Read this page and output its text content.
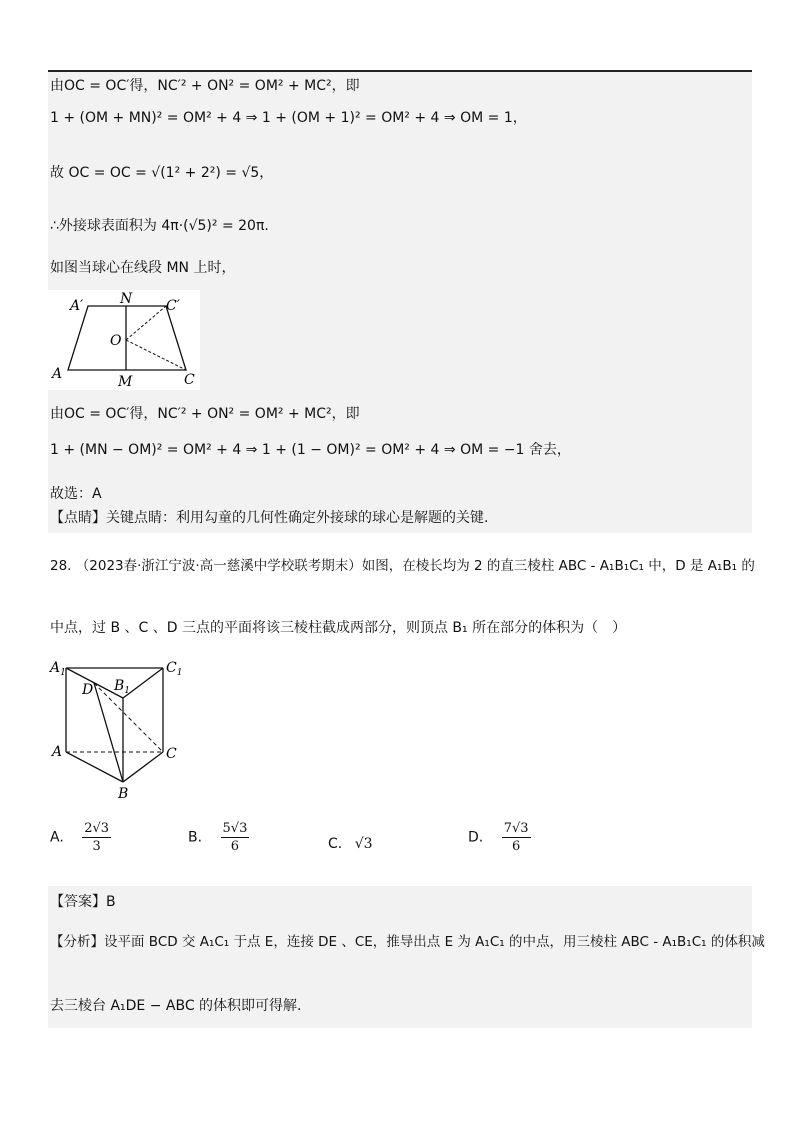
由OC = OC′得，NC′² + ON² = OM² + MC²，即
1 + (OM + MN)² = OM² + 4 ⇒ 1 + (OM + 1)² = OM² + 4 ⇒ OM = 1，
故 OC = OC = √(1² + 2²) = √5，
∴外接球表面积为 4π·(√5)² = 20π.
如图当球心在线段 MN 上时，
A′	N C′
O
A	M	C
由OC = OC′得，NC′² + ON² = OM² + MC²，即
1 + (MN − OM)² = OM² + 4 ⇒ 1 + (1 − OM)² = OM² + 4 ⇒ OM = −1 舍去，
故选：A
【点睛】关键点睛：利用勾童的几何性确定外接球的球心是解题的关键.
28. （2023春·浙江宁波·高一慈溪中学校联考期末）如图，在棱长均为 2 的直三棱柱 ABC - A₁B₁C₁ 中，D 是 A₁B₁ 的
中点，过 B 、C 、D 三点的平面将该三棱柱截成两部分，则顶点 B₁ 所在部分的体积为（　）
$A_1$	$C_1$
D $B_1$
A	C
B
A. $\frac{2√3}{3}$	B. $\frac{5√3}{6}$	C. √3	D. $\frac{7√3}{6}$
【答案】B
【分析】设平面 BCD 交 A₁C₁ 于点 E，连接 DE 、CE，推导出点 E 为 A₁C₁ 的中点，用三棱柱 ABC - A₁B₁C₁ 的体积减
去三棱台 A₁DE − ABC 的体积即可得解.
